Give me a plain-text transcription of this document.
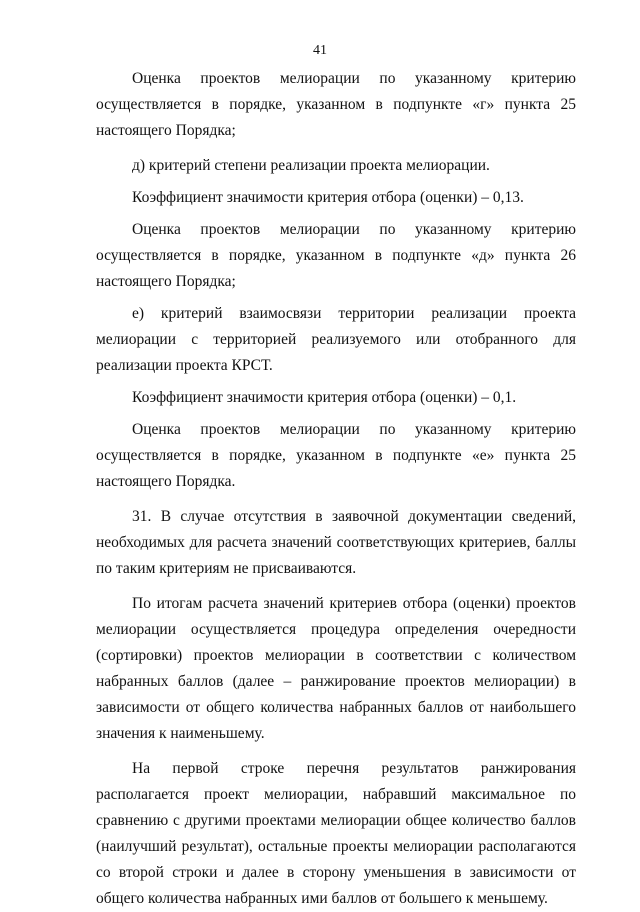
41

Оценка проектов мелиорации по указанному критерию осуществляется в порядке, указанном в подпункте «г» пункта 25 настоящего Порядка;

д) критерий степени реализации проекта мелиорации.

Коэффициент значимости критерия отбора (оценки) – 0,13.

Оценка проектов мелиорации по указанному критерию осуществляется в порядке, указанном в подпункте «д» пункта 26 настоящего Порядка;

е) критерий взаимосвязи территории реализации проекта мелиорации с территорией реализуемого или отобранного для реализации проекта КРСТ.

Коэффициент значимости критерия отбора (оценки) – 0,1.

Оценка проектов мелиорации по указанному критерию осуществляется в порядке, указанном в подпункте «е» пункта 25 настоящего Порядка.

31. В случае отсутствия в заявочной документации сведений, необходимых для расчета значений соответствующих критериев, баллы по таким критериям не присваиваются.

По итогам расчета значений критериев отбора (оценки) проектов мелиорации осуществляется процедура определения очередности (сортировки) проектов мелиорации в соответствии с количеством набранных баллов (далее – ранжирование проектов мелиорации) в зависимости от общего количества набранных баллов от наибольшего значения к наименьшему.

На первой строке перечня результатов ранжирования располагается проект мелиорации, набравший максимальное по сравнению с другими проектами мелиорации общее количество баллов (наилучший результат), остальные проекты мелиорации располагаются со второй строки и далее в сторону уменьшения в зависимости от общего количества набранных ими баллов от большего к меньшему.
